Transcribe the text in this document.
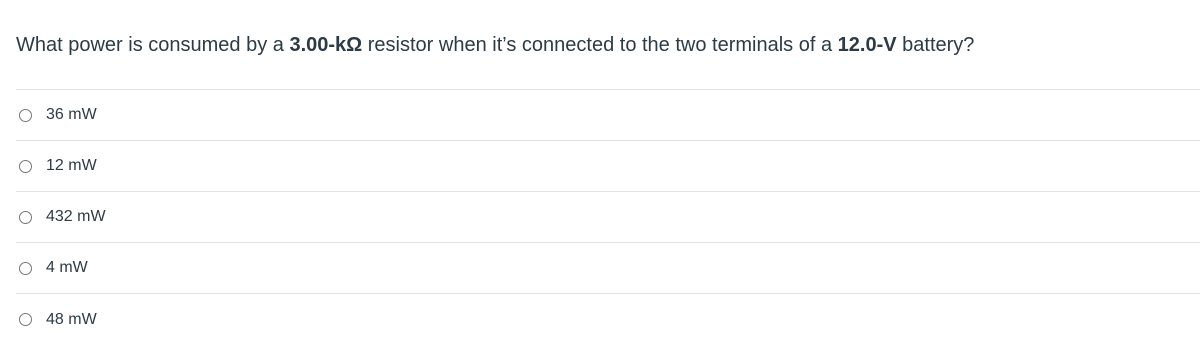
What power is consumed by a 3.00-kΩ resistor when it’s connected to the two terminals of a 12.0-V battery?
36 mW
12 mW
432 mW
4 mW
48 mW
